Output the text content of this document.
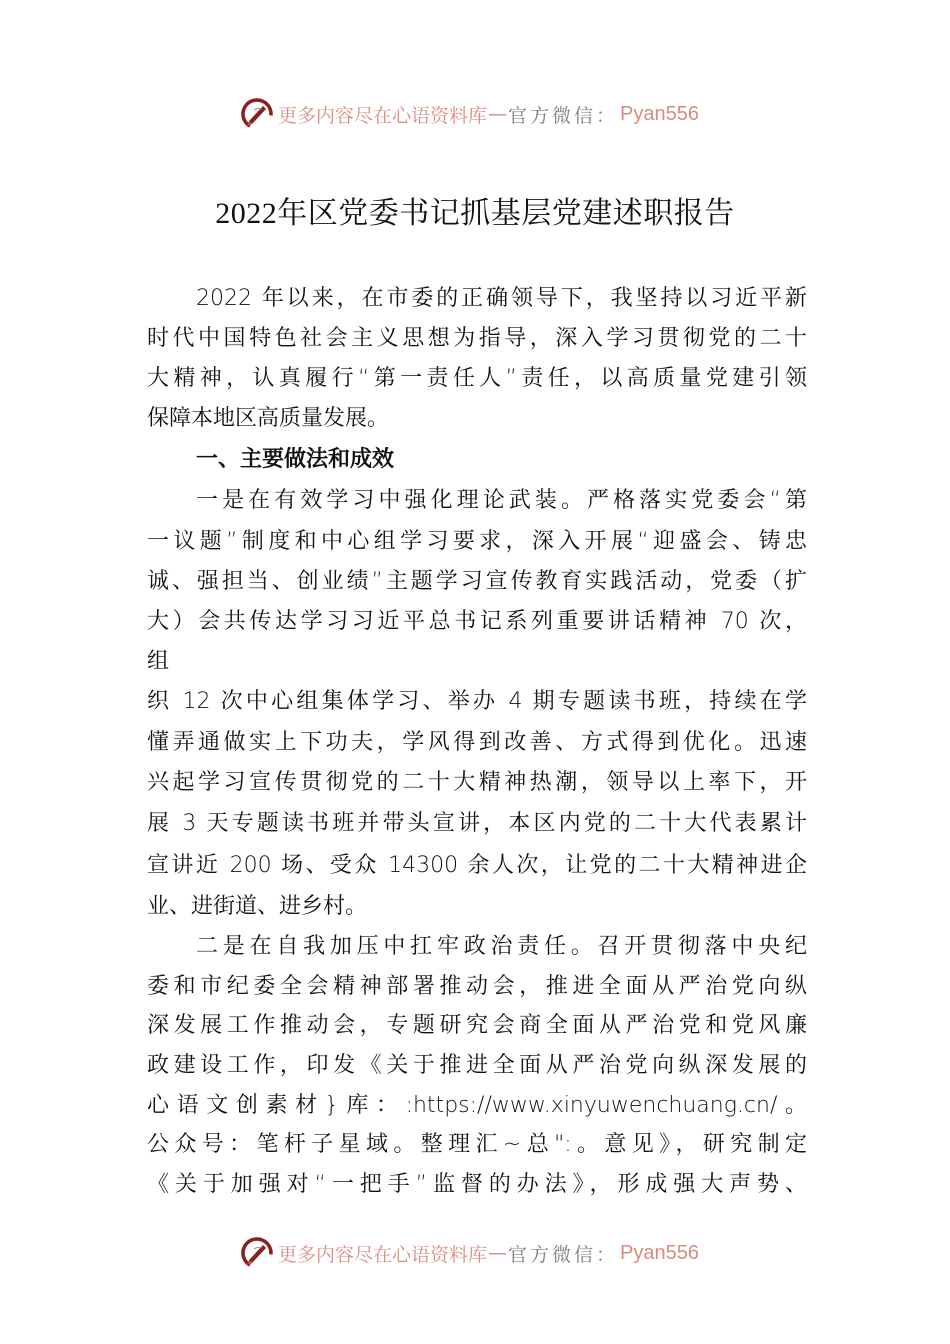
更多内容尽在心语资料库 — 官方微信： Pyan556
2022年区党委书记抓基层党建述职报告
2022 年以来，在市委的正确领导下，我坚持以习近平新
时代中国特色社会主义思想为指导，深入学习贯彻党的二十
大精神，认真履行“第一责任人”责任，以高质量党建引领
保障本地区高质量发展。
一、主要做法和成效
一是在有效学习中强化理论武装。严格落实党委会“第
一议题”制度和中心组学习要求，深入开展“迎盛会、铸忠
诚、强担当、创业绩”主题学习宣传教育实践活动，党委（扩
大）会共传达学习习近平总书记系列重要讲话精神 70 次，
组
织 12 次中心组集体学习、举办 4 期专题读书班，持续在学
懂弄通做实上下功夫，学风得到改善、方式得到优化。迅速
兴起学习宣传贯彻党的二十大精神热潮，领导以上率下，开
展 3 天专题读书班并带头宣讲，本区内党的二十大代表累计
宣讲近 200 场、受众 14300 余人次，让党的二十大精神进企
业、进街道、进乡村。
二是在自我加压中扛牢政治责任。召开贯彻落中央纪
委和市纪委全会精神部署推动会，推进全面从严治党向纵
深发展工作推动会，专题研究会商全面从严治党和党风廉
政建设工作，印发《关于推进全面从严治党向纵深发展的
心语文创素材}库：:https://www.xinyuwenchuang.cn/。
公众号：笔杆子星域。整理汇~总":。意见》，研究制定
《关于加强对“一把手”监督的办法》，形成强大声势、
更多内容尽在心语资料库 — 官方微信： Pyan556
